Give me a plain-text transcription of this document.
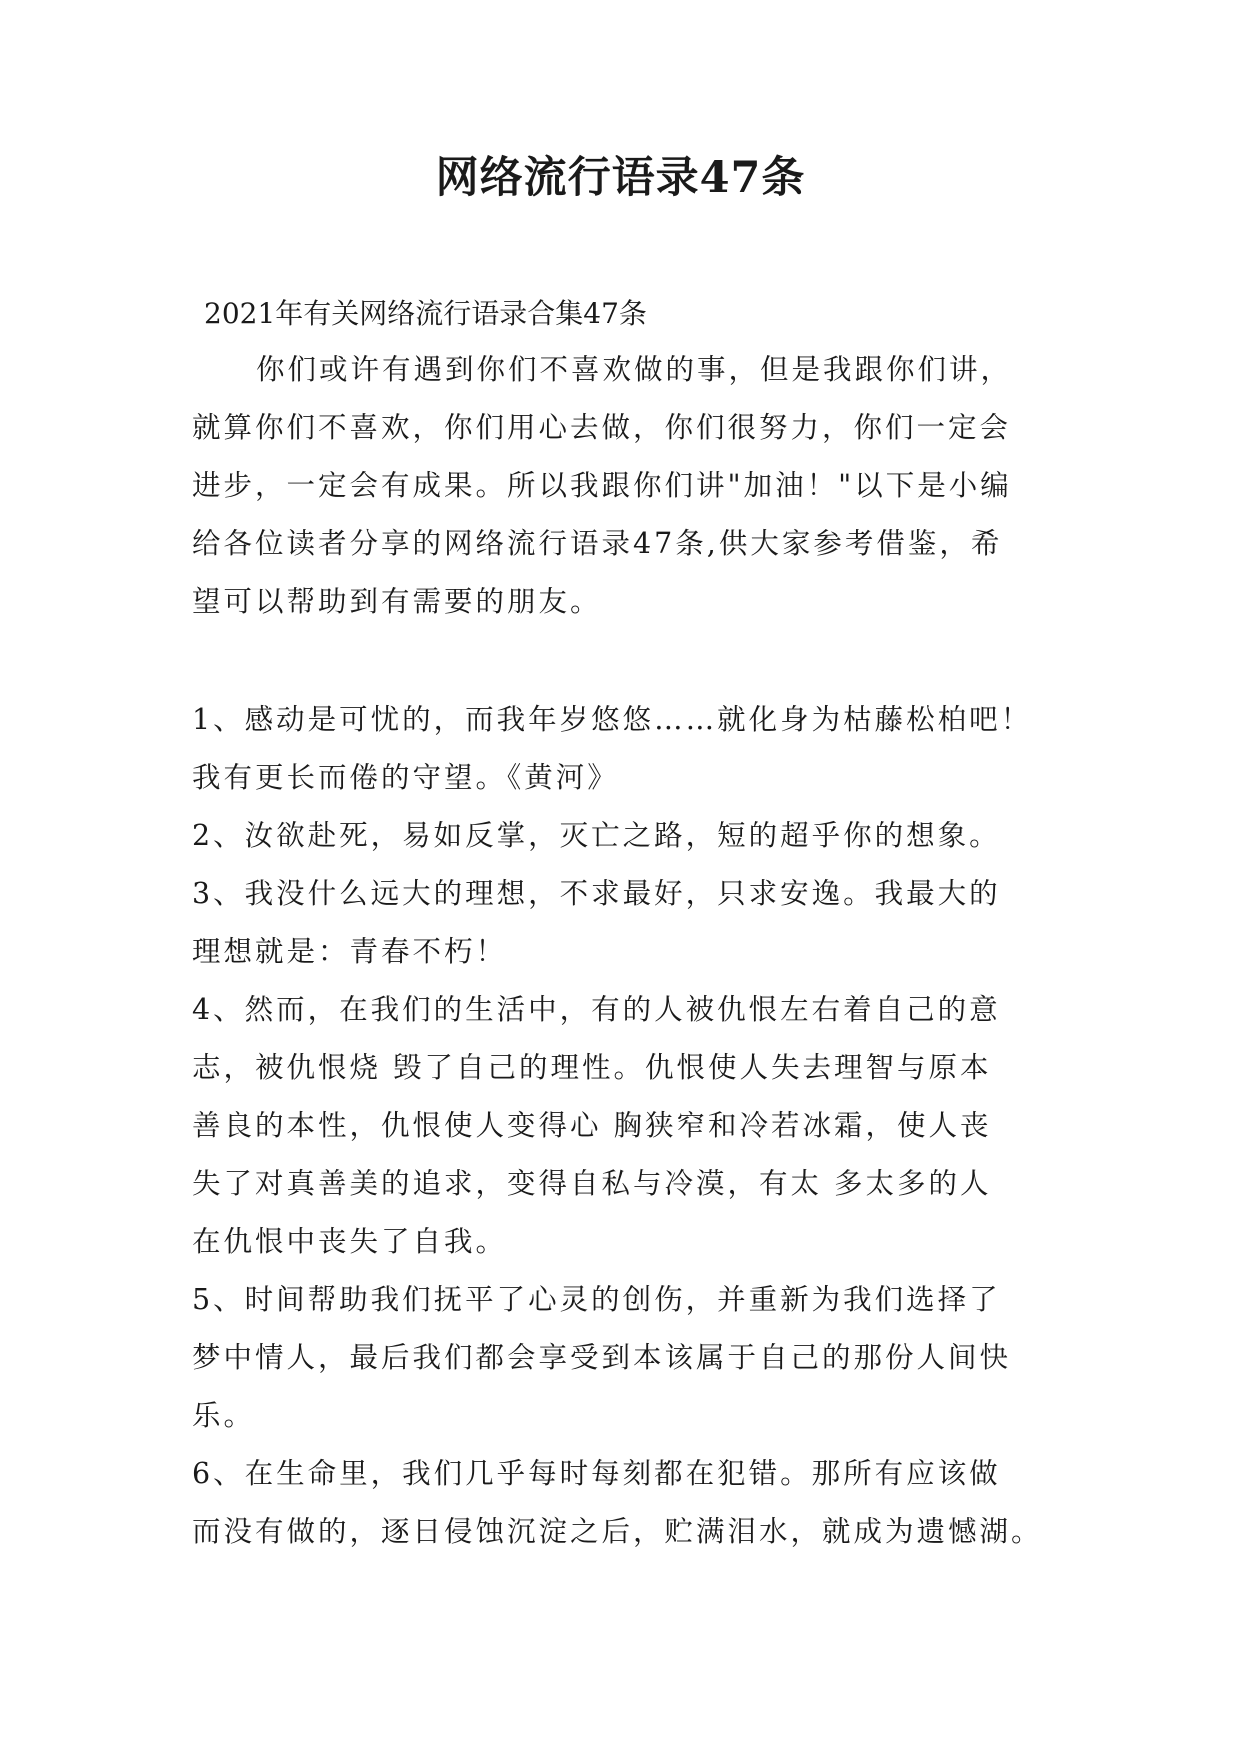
网络流行语录47条
2021年有关网络流行语录合集47条
你们或许有遇到你们不喜欢做的事，但是我跟你们讲，
就算你们不喜欢，你们用心去做，你们很努力，你们一定会
进步，一定会有成果。所以我跟你们讲"加油！"以下是小编
给各位读者分享的网络流行语录47条,供大家参考借鉴，希
望可以帮助到有需要的朋友。
1、感动是可忧的，而我年岁悠悠……就化身为枯藤松柏吧！
我有更长而倦的守望。《黄河》
2、汝欲赴死，易如反掌，灭亡之路，短的超乎你的想象。
3、我没什么远大的理想，不求最好，只求安逸。我最大的
理想就是：青春不朽！
4、然而，在我们的生活中，有的人被仇恨左右着自己的意
志，被仇恨烧 毁了自己的理性。仇恨使人失去理智与原本
善良的本性，仇恨使人变得心 胸狭窄和冷若冰霜，使人丧
失了对真善美的追求，变得自私与冷漠，有太 多太多的人
在仇恨中丧失了自我。
5、时间帮助我们抚平了心灵的创伤，并重新为我们选择了
梦中情人，最后我们都会享受到本该属于自己的那份人间快
乐。
6、在生命里，我们几乎每时每刻都在犯错。那所有应该做
而没有做的，逐日侵蚀沉淀之后，贮满泪水，就成为遗憾湖。
